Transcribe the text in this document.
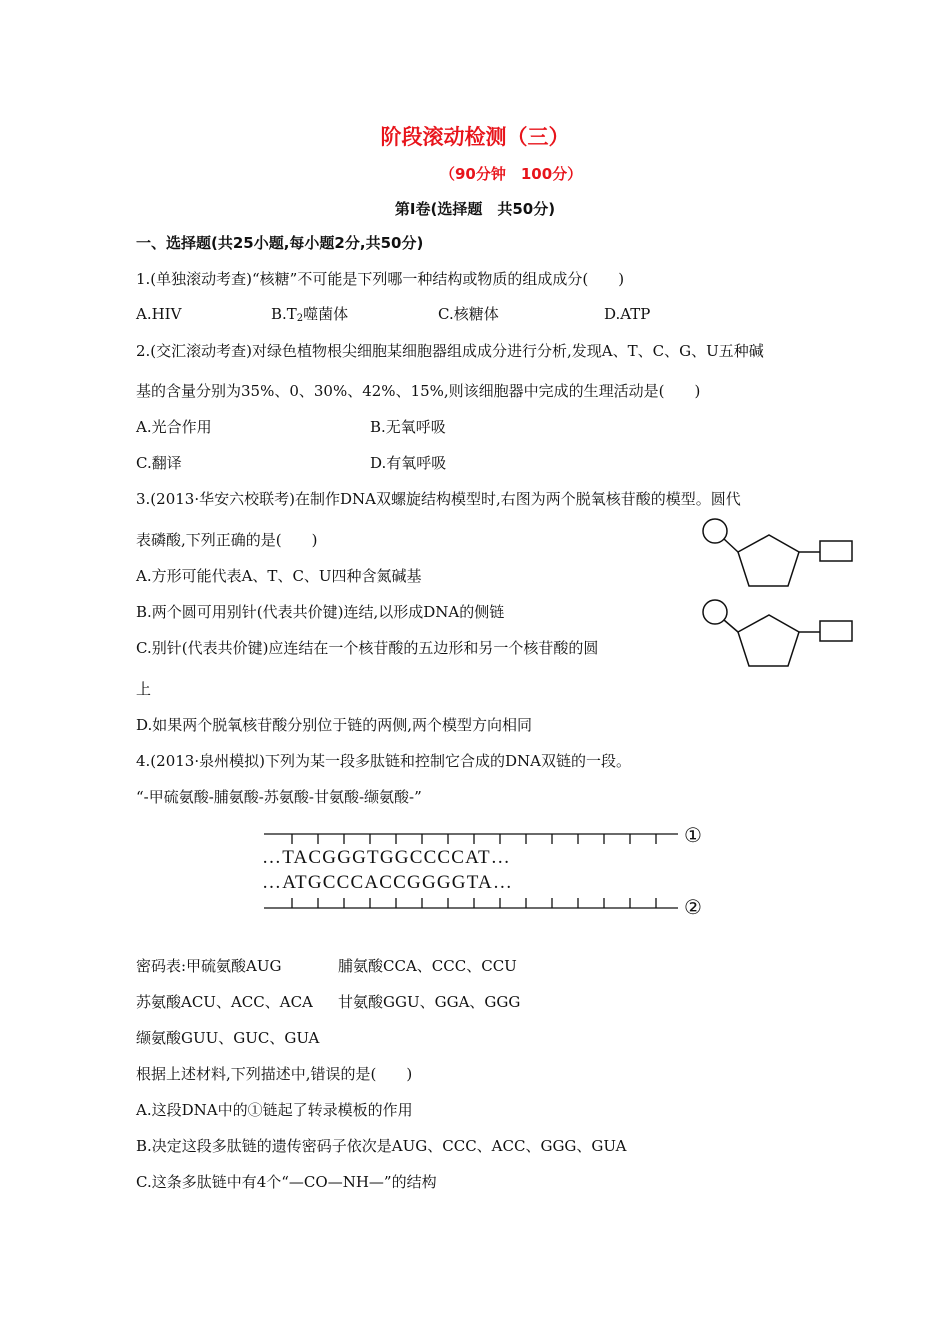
阶段滚动检测（三）
（90分钟　100分）
第Ⅰ卷(选择题　共50分)
一、选择题(共25小题,每小题2分,共50分)
1.(单独滚动考查)“核糖”不可能是下列哪一种结构或物质的组成成分(　　)
A.HIV	$B.T_2$噬菌体	C.核糖体	D.ATP
2.(交汇滚动考查)对绿色植物根尖细胞某细胞器组成成分进行分析,发现A、T、C、G、U五种碱
基的含量分别为35%、0、30%、42%、15%,则该细胞器中完成的生理活动是(　　)
A.光合作用	B.无氧呼吸
C.翻译	D.有氧呼吸
3.(2013·华安六校联考)在制作DNA双螺旋结构模型时,右图为两个脱氧核苷酸的模型。圆代
表磷酸,下列正确的是(　　)
A.方形可能代表A、T、C、U四种含氮碱基
B.两个圆可用别针(代表共价键)连结,以形成DNA的侧链
C.别针(代表共价键)应连结在一个核苷酸的五边形和另一个核苷酸的圆
上
D.如果两个脱氧核苷酸分别位于链的两侧,两个模型方向相同
4.(2013·泉州模拟)下列为某一段多肽链和控制它合成的DNA双链的一段。
“-甲硫氨酸-脯氨酸-苏氨酸-甘氨酸-缬氨酸-”
…TACGGGTGGCCCCAT…
…ATGCCCACCGGGGTA…
①
②
密码表:甲硫氨酸AUG	脯氨酸CCA、CCC、CCU
苏氨酸ACU、ACC、ACA 甘氨酸GGU、GGA、GGG
缬氨酸GUU、GUC、GUA
根据上述材料,下列描述中,错误的是(　　)
A.这段DNA中的①链起了转录模板的作用
B.决定这段多肽链的遗传密码子依次是AUG、CCC、ACC、GGG、GUA
C.这条多肽链中有4个“—CO—NH—”的结构
